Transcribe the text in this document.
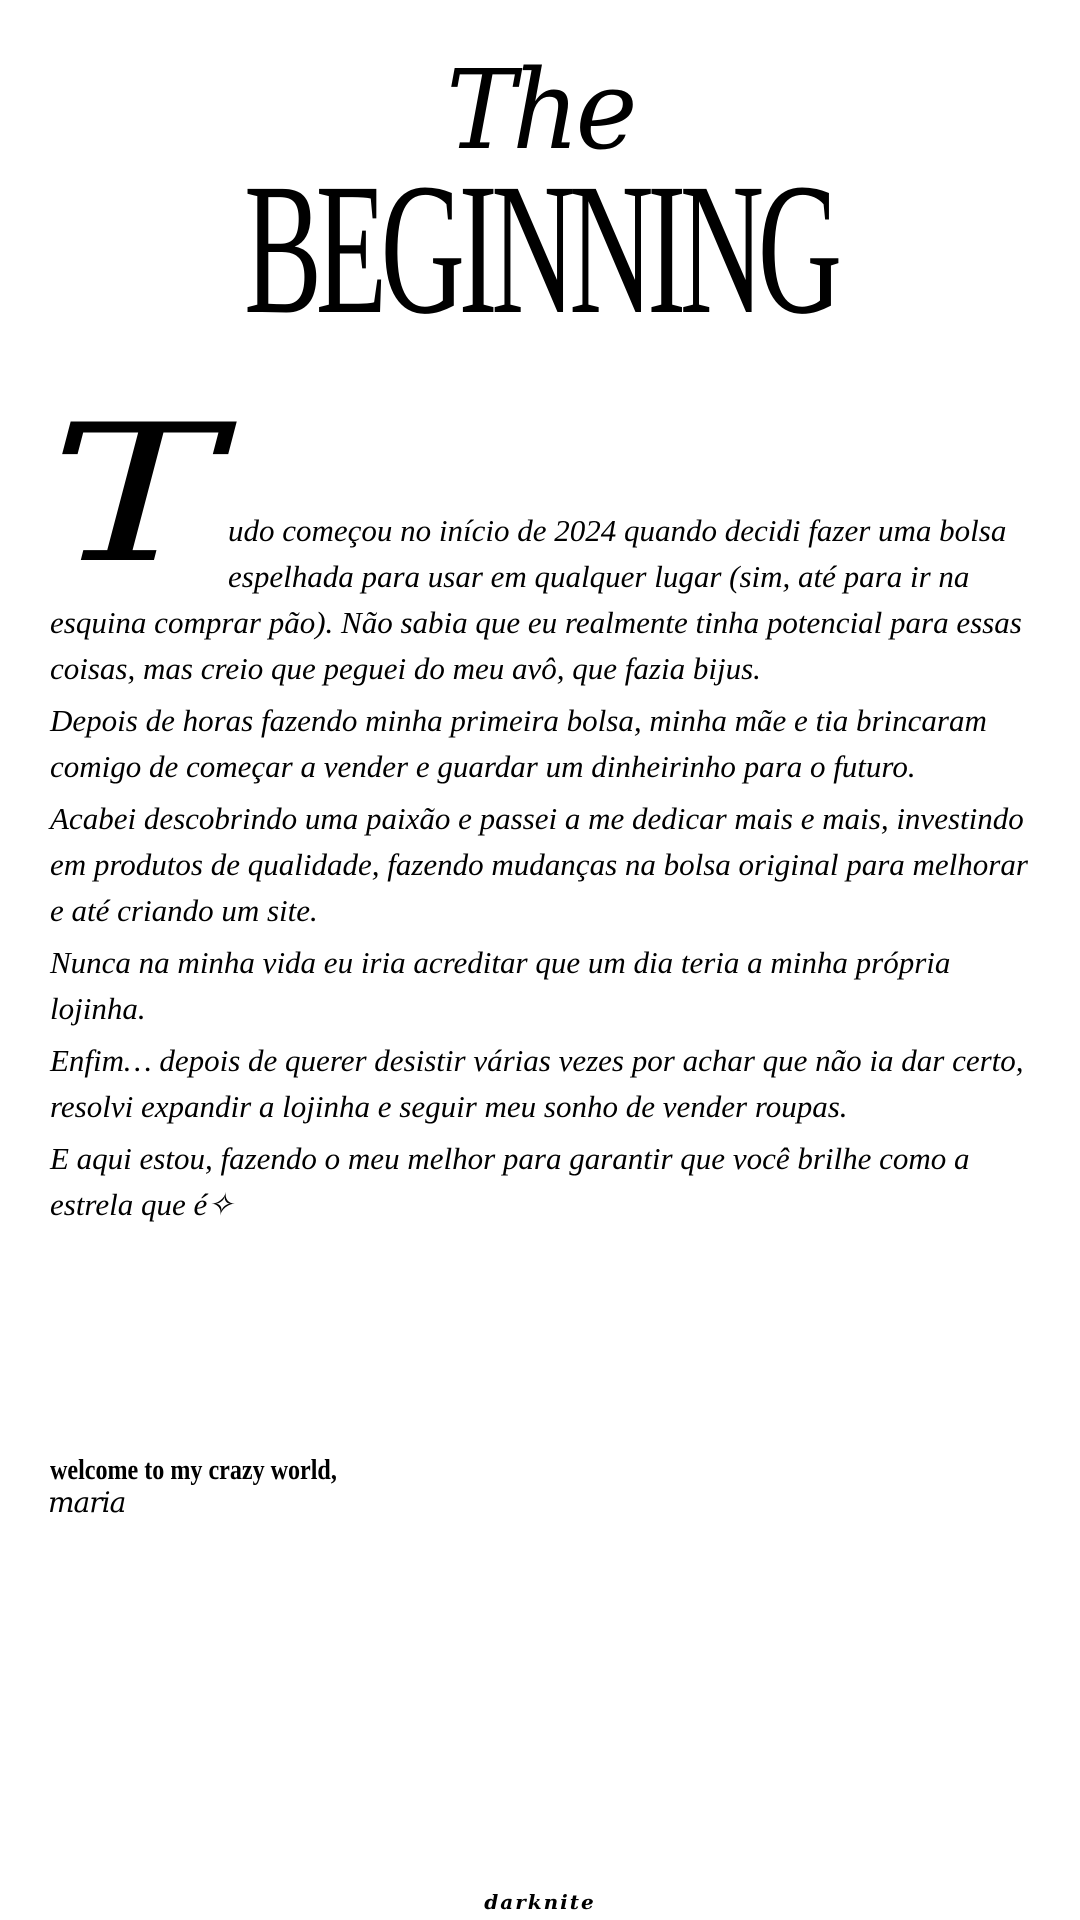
The
BEGINNING
T udo começou no início de 2024 quando decidi fazer uma bolsa espelhada para usar em qualquer lugar (sim, até para ir na esquina comprar pão). Não sabia que eu realmente tinha potencial para essas coisas, mas creio que peguei do meu avô, que fazia bijus.

Depois de horas fazendo minha primeira bolsa, minha mãe e tia brincaram comigo de começar a vender e guardar um dinheirinho para o futuro.

Acabei descobrindo uma paixão e passei a me dedicar mais e mais, investindo em produtos de qualidade, fazendo mudanças na bolsa original para melhorar e até criando um site.

Nunca na minha vida eu iria acreditar que um dia teria a minha própria lojinha.

Enfim… depois de querer desistir várias vezes por achar que não ia dar certo, resolvi expandir a lojinha e seguir meu sonho de vender roupas.

E aqui estou, fazendo o meu melhor para garantir que você brilhe como a estrela que é✧

welcome to my crazy world,
maria
darknite
